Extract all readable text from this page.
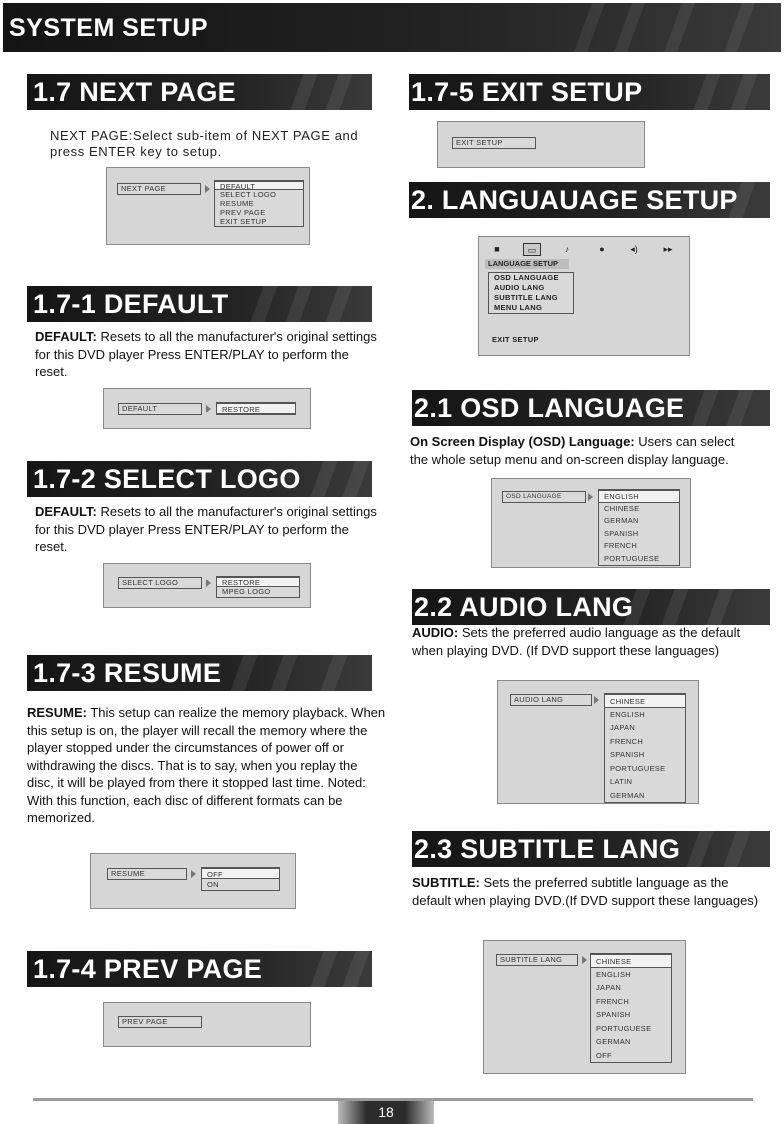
SYSTEM SETUP
1.7 NEXT PAGE
NEXT PAGE:Select sub-item of NEXT PAGE and press ENTER key to setup.
NEXT PAGE	DEFAULT
SELECT LOGO
RESUME
PREV PAGE
EXIT SETUP
1.7-1 DEFAULT
DEFAULT: Resets to all the manufacturer's original settings for this DVD player Press ENTER/PLAY to perform the reset.
DEFAULT	RESTORE
1.7-2 SELECT LOGO
DEFAULT: Resets to all the manufacturer's original settings for this DVD player Press ENTER/PLAY to perform the reset.
SELECT LOGO	RESTORE
MPEG LOGO
1.7-3 RESUME
RESUME: This setup can realize the memory playback. When this setup is on, the player will recall the memory where the player stopped under the circumstances of power off or withdrawing the discs. That is to say, when you replay the disc, it will be played from there it stopped last time. Noted: With this function, each disc of different formats can be memorized.
RESUME	OFF
ON
1.7-4 PREV PAGE
PREV PAGE
1.7-5 EXIT SETUP
EXIT SETUP
2. LANGUAUAGE SETUP
■	▭	♪	●	◂)	▸▸
LANGUAGE SETUP
OSD LANGUAGE
AUDIO LANG
SUBTITLE LANG
MENU LANG
EXIT SETUP
2.1 OSD LANGUAGE
On Screen Display (OSD) Language: Users can select the whole setup menu and on-screen display language.
OSD LANGUAGE	ENGLISH
CHINESE
GERMAN
SPANISH
FRENCH
PORTUGUESE
2.2 AUDIO LANG
AUDIO: Sets the preferred audio language as the default when playing DVD. (If DVD support these languages)
AUDIO LANG	CHINESE
ENGLISH
JAPAN
FRENCH
SPANISH
PORTUGUESE
LATIN
GERMAN
2.3 SUBTITLE LANG
SUBTITLE: Sets the preferred subtitle language as the default when playing DVD.(If DVD support these languages)
SUBTITLE LANG	CHINESE
ENGLISH
JAPAN
FRENCH
SPANISH
PORTUGUESE
GERMAN
OFF
18
